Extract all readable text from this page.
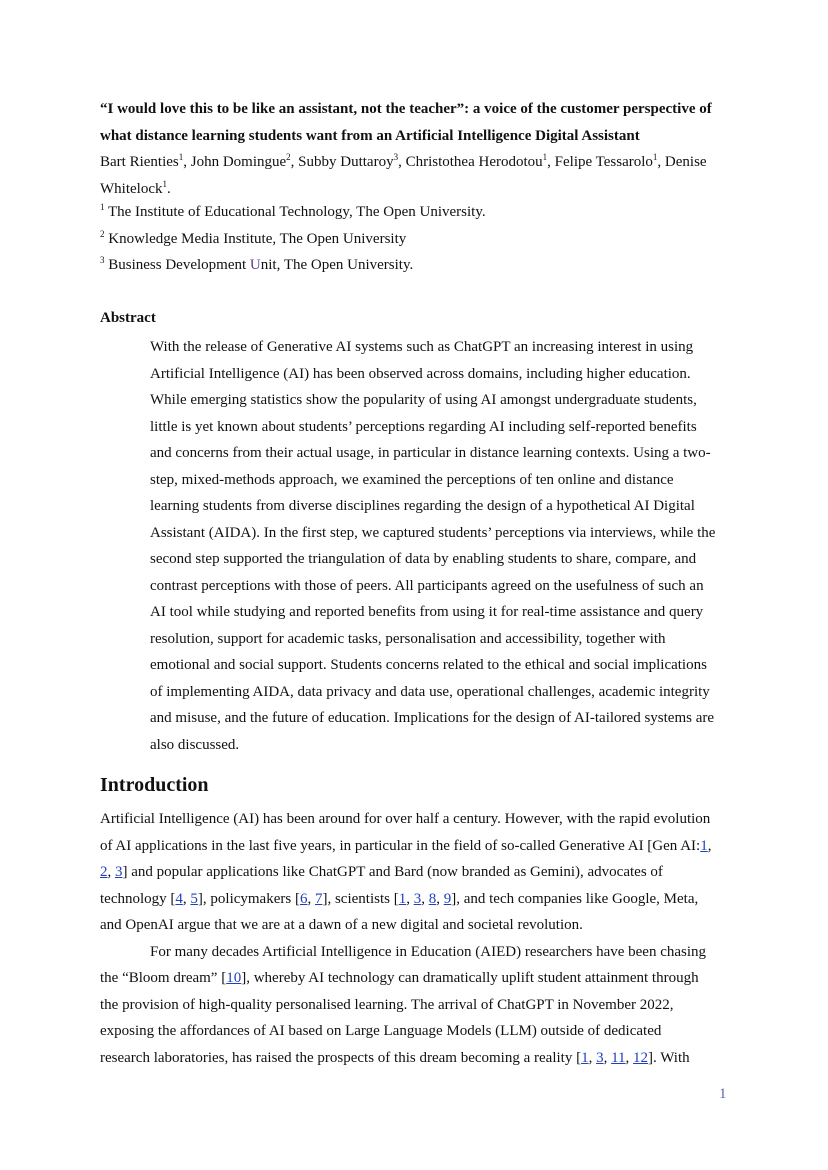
“I would love this to be like an assistant, not the teacher”: a voice of the customer perspective of
what distance learning students want from an Artificial Intelligence Digital Assistant
Bart Rienties$^1$, John Domingue$^2$, Subby Duttaroy$^3$, Christothea Herodotou$^1$, Felipe Tessarolo$^1$, Denise
Whitelock$^1$.
$^1$ The Institute of Educational Technology, The Open University.
$^2$ Knowledge Media Institute, The Open University
$^3$ Business Development Unit, The Open University.
Abstract
With the release of Generative AI systems such as ChatGPT an increasing interest in using
Artificial Intelligence (AI) has been observed across domains, including higher education.
While emerging statistics show the popularity of using AI amongst undergraduate students,
little is yet known about students’ perceptions regarding AI including self-reported benefits
and concerns from their actual usage, in particular in distance learning contexts. Using a two-
step, mixed-methods approach, we examined the perceptions of ten online and distance
learning students from diverse disciplines regarding the design of a hypothetical AI Digital
Assistant (AIDA). In the first step, we captured students’ perceptions via interviews, while the
second step supported the triangulation of data by enabling students to share, compare, and
contrast perceptions with those of peers. All participants agreed on the usefulness of such an
AI tool while studying and reported benefits from using it for real-time assistance and query
resolution, support for academic tasks, personalisation and accessibility, together with
emotional and social support. Students concerns related to the ethical and social implications
of implementing AIDA, data privacy and data use, operational challenges, academic integrity
and misuse, and the future of education. Implications for the design of AI-tailored systems are
also discussed.
Introduction
Artificial Intelligence (AI) has been around for over half a century. However, with the rapid evolution
of AI applications in the last five years, in particular in the field of so-called Generative AI [Gen AI:1,
2, 3] and popular applications like ChatGPT and Bard (now branded as Gemini), advocates of
technology [4, 5], policymakers [6, 7], scientists [1, 3, 8, 9], and tech companies like Google, Meta,
and OpenAI argue that we are at a dawn of a new digital and societal revolution.
For many decades Artificial Intelligence in Education (AIED) researchers have been chasing
the “Bloom dream” [10], whereby AI technology can dramatically uplift student attainment through
the provision of high-quality personalised learning. The arrival of ChatGPT in November 2022,
exposing the affordances of AI based on Large Language Models (LLM) outside of dedicated
research laboratories, has raised the prospects of this dream becoming a reality [1, 3, 11, 12]. With
1
